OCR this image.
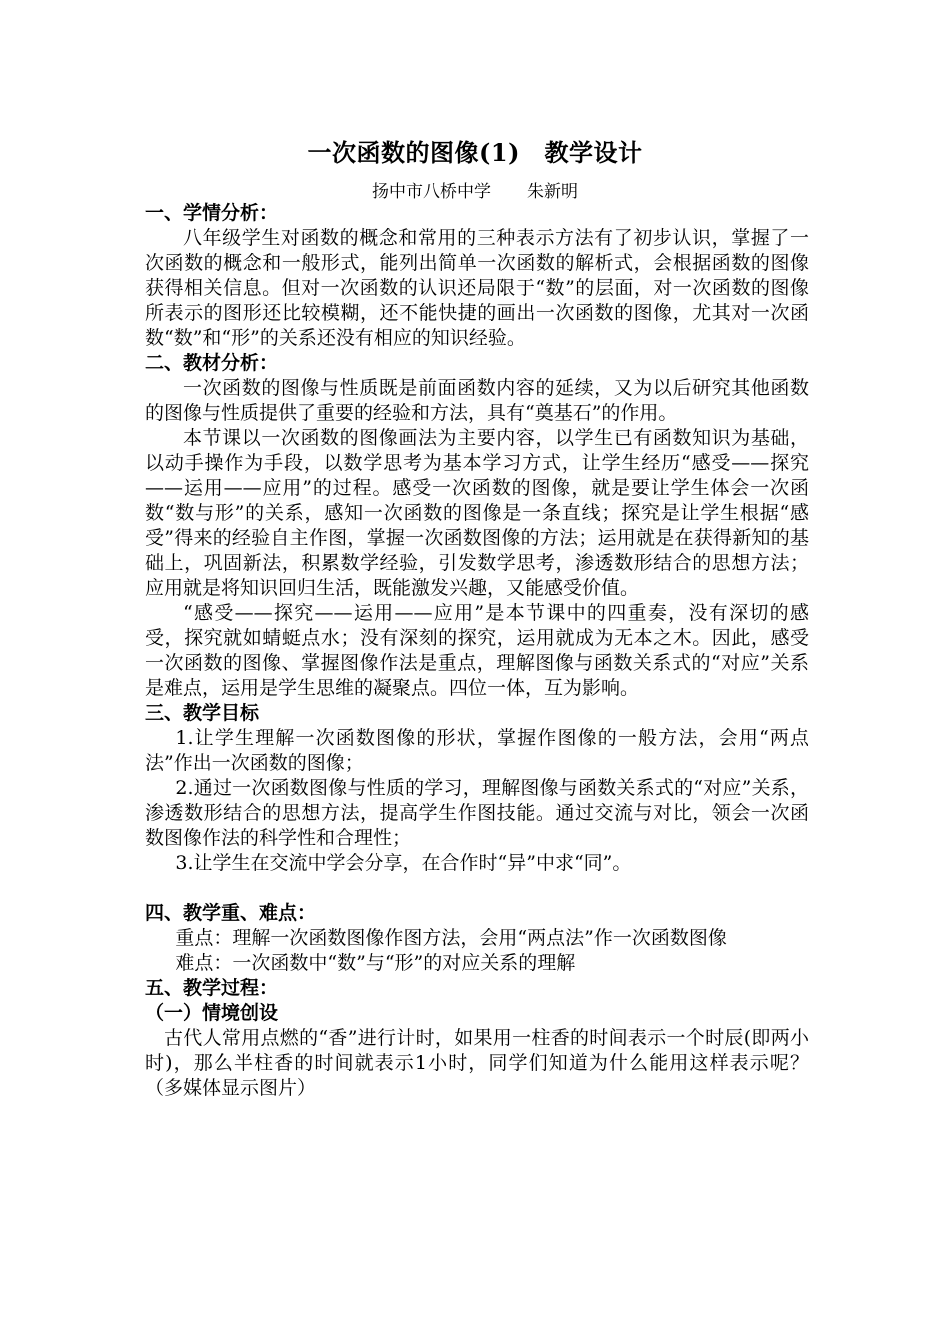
一次函数的图像(1)　教学设计
扬中市八桥中学 朱新明
一、学情分析：
八年级学生对函数的概念和常用的三种表示方法有了初步认识，掌握了一次函数的概念和一般形式，能列出简单一次函数的解析式，会根据函数的图像获得相关信息。但对一次函数的认识还局限于“数”的层面，对一次函数的图像所表示的图形还比较模糊，还不能快捷的画出一次函数的图像，尤其对一次函数“数”和“形”的关系还没有相应的知识经验。
二、教材分析：
一次函数的图像与性质既是前面函数内容的延续，又为以后研究其他函数的图像与性质提供了重要的经验和方法，具有“奠基石”的作用。
本节课以一次函数的图像画法为主要内容，以学生已有函数知识为基础，以动手操作为手段，以数学思考为基本学习方式，让学生经历“感受——探究——运用——应用”的过程。感受一次函数的图像，就是要让学生体会一次函数“数与形”的关系，感知一次函数的图像是一条直线；探究是让学生根据“感受”得来的经验自主作图，掌握一次函数图像的方法；运用就是在获得新知的基础上，巩固新法，积累数学经验，引发数学思考，渗透数形结合的思想方法；应用就是将知识回归生活，既能激发兴趣，又能感受价值。
“感受——探究——运用——应用”是本节课中的四重奏，没有深切的感受，探究就如蜻蜓点水；没有深刻的探究，运用就成为无本之木。因此，感受一次函数的图像、掌握图像作法是重点，理解图像与函数关系式的“对应”关系是难点，运用是学生思维的凝聚点。四位一体，互为影响。
三、教学目标
1.让学生理解一次函数图像的形状，掌握作图像的一般方法，会用“两点法”作出一次函数的图像；
2.通过一次函数图像与性质的学习，理解图像与函数关系式的“对应”关系，渗透数形结合的思想方法，提高学生作图技能。通过交流与对比，领会一次函数图像作法的科学性和合理性；
3.让学生在交流中学会分享，在合作时“异”中求“同”。
四、教学重、难点：
重点：理解一次函数图像作图方法，会用“两点法”作一次函数图像
难点：一次函数中“数”与“形”的对应关系的理解
五、教学过程：
（一）情境创设
古代人常用点燃的“香”进行计时，如果用一柱香的时间表示一个时辰(即两小时)，那么半柱香的时间就表示1小时，同学们知道为什么能用这样表示呢？（多媒体显示图片）
